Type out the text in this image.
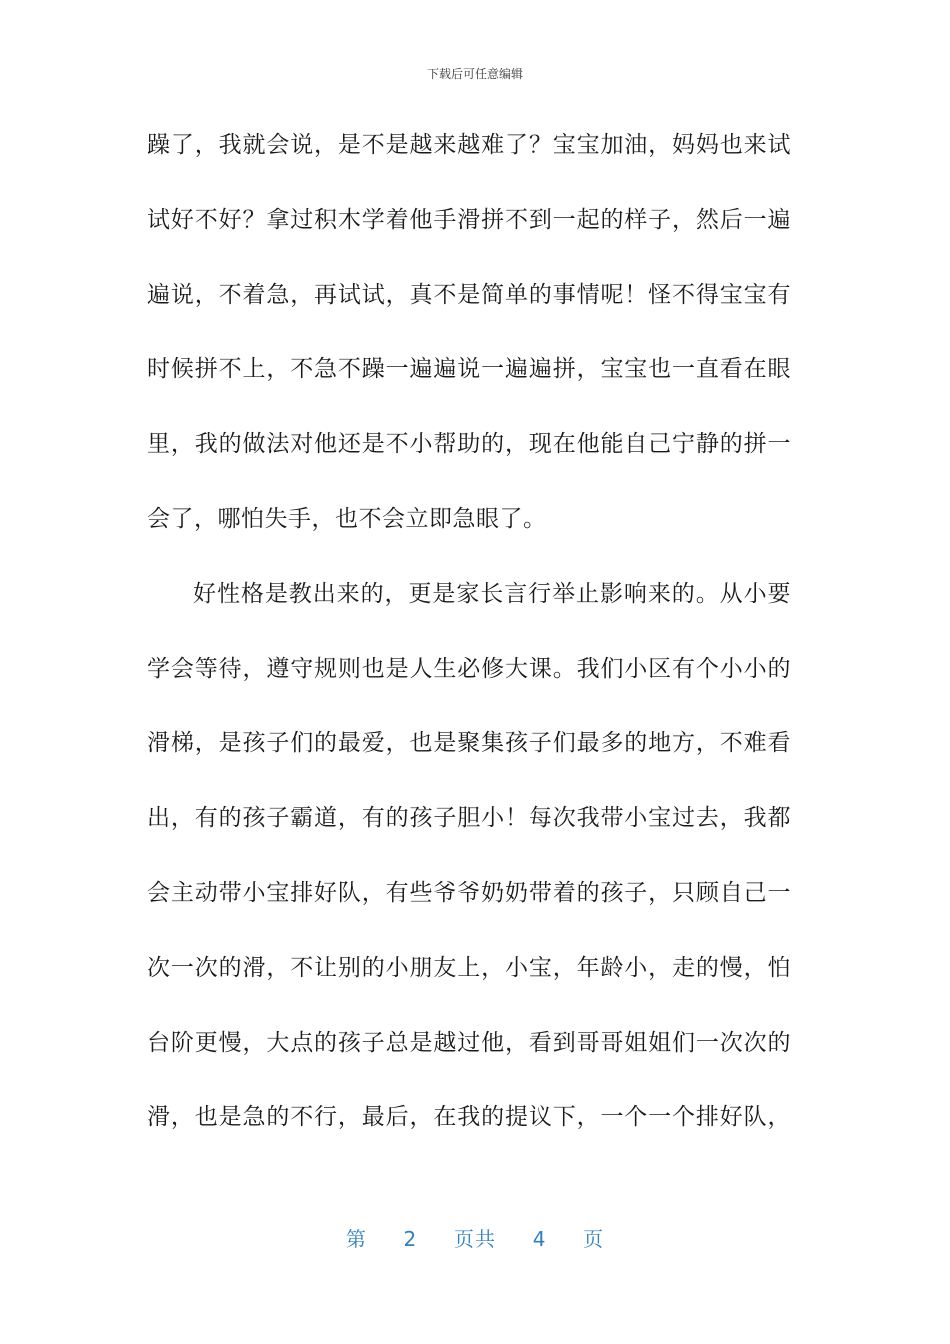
下载后可任意编辑
躁了，我就会说，是不是越来越难了？宝宝加油，妈妈也来试
试好不好？拿过积木学着他手滑拼不到一起的样子，然后一遍
遍说，不着急，再试试，真不是简单的事情呢！怪不得宝宝有
时候拼不上，不急不躁一遍遍说一遍遍拼，宝宝也一直看在眼
里，我的做法对他还是不小帮助的，现在他能自己宁静的拼一
会了，哪怕失手，也不会立即急眼了。
好性格是教出来的，更是家长言行举止影响来的。从小要
学会等待，遵守规则也是人生必修大课。我们小区有个小小的
滑梯，是孩子们的最爱，也是聚集孩子们最多的地方，不难看
出，有的孩子霸道，有的孩子胆小！每次我带小宝过去，我都
会主动带小宝排好队，有些爷爷奶奶带着的孩子，只顾自己一
次一次的滑，不让别的小朋友上，小宝，年龄小，走的慢，怕
台阶更慢，大点的孩子总是越过他，看到哥哥姐姐们一次次的
滑，也是急的不行，最后，在我的提议下，一个一个排好队，
第 2 页共 4 页
